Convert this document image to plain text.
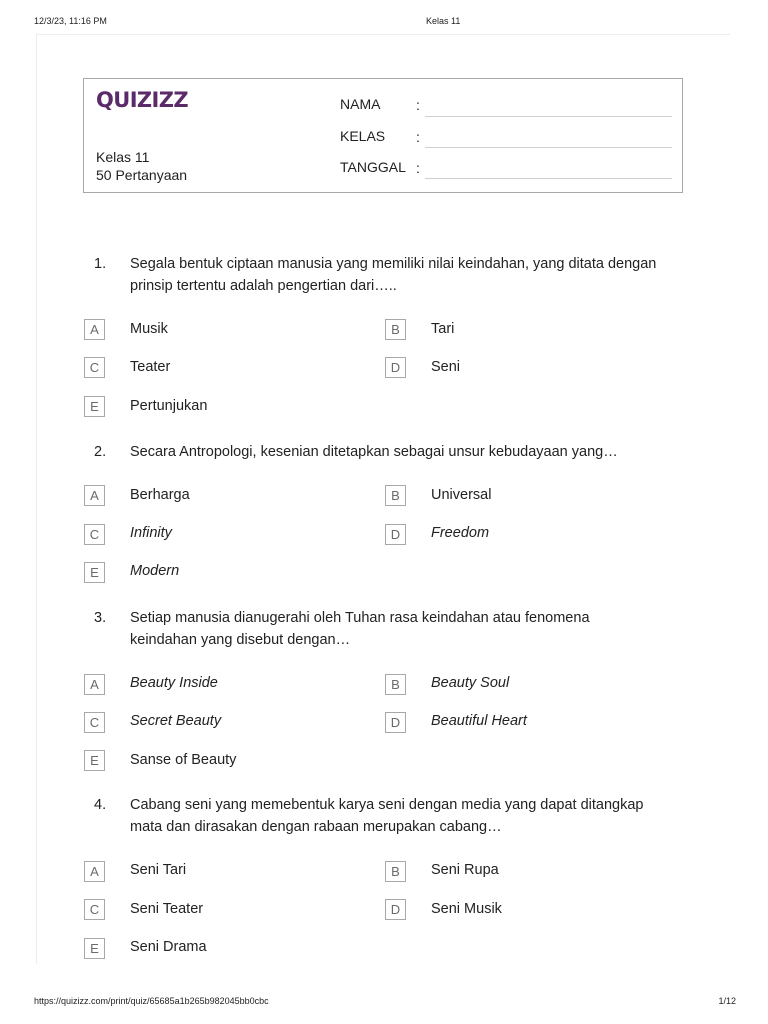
12/3/23, 11:16 PM	Kelas 11
QUIZIZZ
Kelas 11
50 Pertanyaan
NAMA	:
KELAS :
TANGGAL :
1. Segala bentuk ciptaan manusia yang memiliki nilai keindahan, yang ditata dengan
prinsip tertentu adalah pengertian dari…..
A	Musik	B	Tari
C	Teater	D	Seni
E	Pertunjukan
2. Secara Antropologi, kesenian ditetapkan sebagai unsur kebudayaan yang…
A	Berharga	B	Universal
C	Infinity	D	Freedom
E	Modern
3. Setiap manusia dianugerahi oleh Tuhan rasa keindahan atau fenomena
keindahan yang disebut dengan…
A	Beauty Inside	B	Beauty Soul
C	Secret Beauty	D	Beautiful Heart
E	Sanse of Beauty
4. Cabang seni yang memebentuk karya seni dengan media yang dapat ditangkap
mata dan dirasakan dengan rabaan merupakan cabang…
A	Seni Tari	B	Seni Rupa
C	Seni Teater	D	Seni Musik
E	Seni Drama
https://quizizz.com/print/quiz/65685a1b265b982045bb0cbc	1/12
